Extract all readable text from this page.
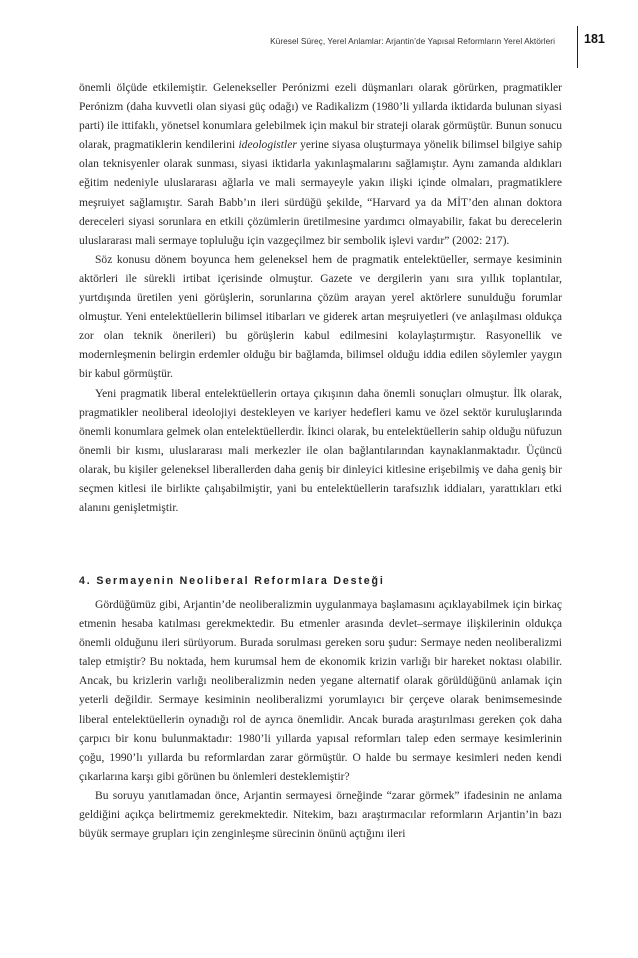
Küresel Süreç, Yerel Anlamlar: Arjantin’de Yapısal Reformların Yerel Aktörleri 181

önemli ölçüde etkilemiştir. Gelenekseller Perónizmi ezeli düşmanları olarak görürken, pragmatikler Perónizm (daha kuvvetli olan siyasi güç odağı) ve Radikalizm (1980’li yıllarda iktidarda bulunan siyasi parti) ile ittifaklı, yönetsel konumlara gelebilmek için makul bir strateji olarak görmüştür. Bunun sonucu olarak, pragmatiklerin kendilerini ideologistler yerine siyasa oluşturmaya yönelik bilimsel bilgiye sahip olan teknisyenler olarak sunması, siyasi iktidarla yakınlaşmalarını sağlamıştır. Aynı zamanda aldıkları eğitim nedeniyle uluslararası ağlarla ve mali sermayeyle yakın ilişki içinde olmaları, pragmatiklere meşruiyet sağlamıştır. Sarah Babb’ın ileri sürdüğü şekilde, “Harvard ya da MİT’den alınan doktora dereceleri siyasi sorunlara en etkili çözümlerin üretilmesine yardımcı olmayabilir, fakat bu derecelerin uluslararası mali sermaye topluluğu için vazgeçilmez bir sembolik işlevi vardır” (2002: 217).

Söz konusu dönem boyunca hem geleneksel hem de pragmatik entelektüeller, sermaye kesiminin aktörleri ile sürekli irtibat içerisinde olmuştur. Gazete ve dergilerin yanı sıra yıllık toplantılar, yurtdışında üretilen yeni görüşlerin, sorunlarına çözüm arayan yerel aktörlere sunulduğu forumlar olmuştur. Yeni entelektüellerin bilimsel itibarları ve giderek artan meşruiyetleri (ve anlaşılması oldukça zor olan teknik önerileri) bu görüşlerin kabul edilmesini kolaylaştırmıştır. Rasyonellik ve modernleşmenin belirgin erdemler olduğu bir bağlamda, bilimsel olduğu iddia edilen söylemler yaygın bir kabul görmüştür.

Yeni pragmatik liberal entelektüellerin ortaya çıkışının daha önemli sonuçları olmuştur. İlk olarak, pragmatikler neoliberal ideolojiyi destekleyen ve kariyer hedefleri kamu ve özel sektör kuruluşlarında önemli konumlara gelmek olan entelektüellerdir. İkinci olarak, bu entelektüellerin sahip olduğu nüfuzun önemli bir kısmı, uluslararası mali merkezler ile olan bağlantılarından kaynaklanmaktadır. Üçüncü olarak, bu kişiler geleneksel liberallerden daha geniş bir dinleyici kitlesine erişebilmiş ve daha geniş bir seçmen kitlesi ile birlikte çalışabilmiştir, yani bu entelektüellerin tarafsızlık iddiaları, yarattıkları etki alanını genişletmiştir.

4. Sermayenin Neoliberal Reformlara Desteği

Gördüğümüz gibi, Arjantin’de neoliberalizmin uygulanmaya başlamasını açıklayabilmek için birkaç etmenin hesaba katılması gerekmektedir. Bu etmenler arasında devlet–sermaye ilişkilerinin oldukça önemli olduğunu ileri sürüyorum. Burada sorulması gereken soru şudur: Sermaye neden neoliberalizmi talep etmiştir? Bu noktada, hem kurumsal hem de ekonomik krizin varlığı bir hareket noktası olabilir. Ancak, bu krizlerin varlığı neoliberalizmin neden yegane alternatif olarak görüldüğünü anlamak için yeterli değildir. Sermaye kesiminin neoliberalizmi yorumlayıcı bir çerçeve olarak benimsemesinde liberal entelektüellerin oynadığı rol de ayrıca önemlidir. Ancak burada araştırılması gereken çok daha çarpıcı bir konu bulunmaktadır: 1980’li yıllarda yapısal reformları talep eden sermaye kesimlerinin çoğu, 1990’lı yıllarda bu reformlardan zarar görmüştür. O halde bu sermaye kesimleri neden kendi çıkarlarına karşı gibi görünen bu önlemleri desteklemiştir?

Bu soruyu yanıtlamadan önce, Arjantin sermayesi örneğinde “zarar görmek” ifadesinin ne anlama geldiğini açıkça belirtmemiz gerekmektedir. Nitekim, bazı araştırmacılar reformların Arjantin’in bazı büyük sermaye grupları için zenginleşme sürecinin önünü açtığını ileri
